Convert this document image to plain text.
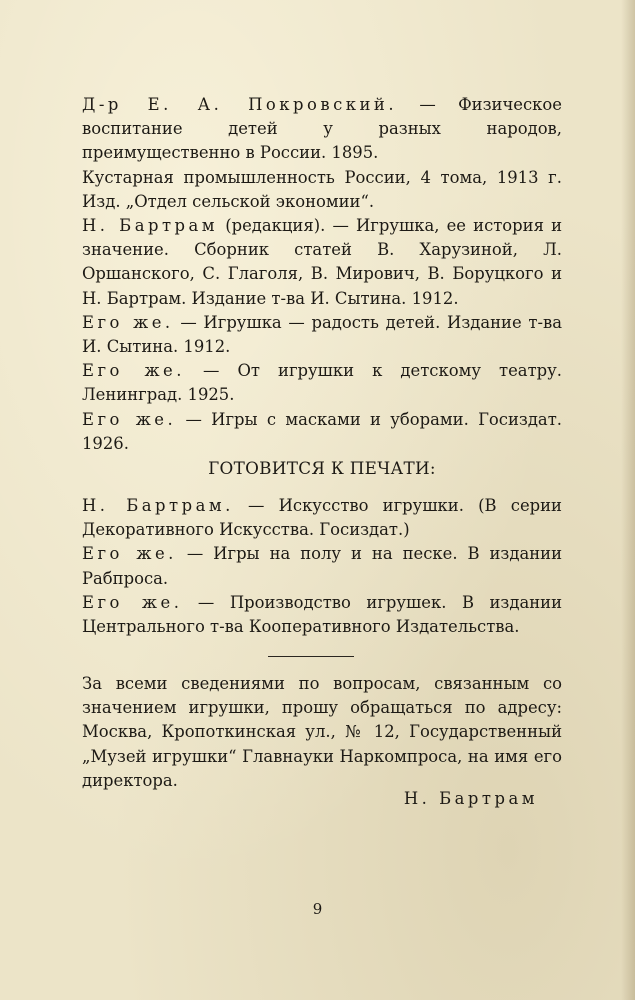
Д-р Е. А. Покровский. — Физическое воспитание детей у разных народов, преимущественно в России. 1895.

Кустарная промышленность России, 4 тома, 1913 г. Изд. „Отдел сельской экономии“.

Н. Бартрам (редакция). — Игрушка, ее история и значение. Сборник статей В. Харузиной, Л. Оршанского, С. Глаголя, В. Мирович, В. Боруцкого и Н. Бартрам. Издание т-ва И. Сытина. 1912.

Его же. — Игрушка — радость детей. Издание т-ва И. Сытина. 1912.

Его же. — От игрушки к детскому театру. Ленинград. 1925.

Его же. — Игры с масками и уборами. Госиздат. 1926.

ГОТОВИТСЯ К ПЕЧАТИ:

Н. Бартрам. — Искусство игрушки. (В серии Декоративного Искусства. Госиздат.)

Его же. — Игры на полу и на песке. В издании Рабпроса.

Его же. — Производство игрушек. В издании Центрального т-ва Кооперативного Издательства.

За всеми сведениями по вопросам, связанным со значением игрушки, прошу обращаться по адресу: Москва, Кропоткинская ул., № 12, Государственный „Музей игрушки“ Главнауки Наркомпроса, на имя его директора.

Н. Бартрам
9
